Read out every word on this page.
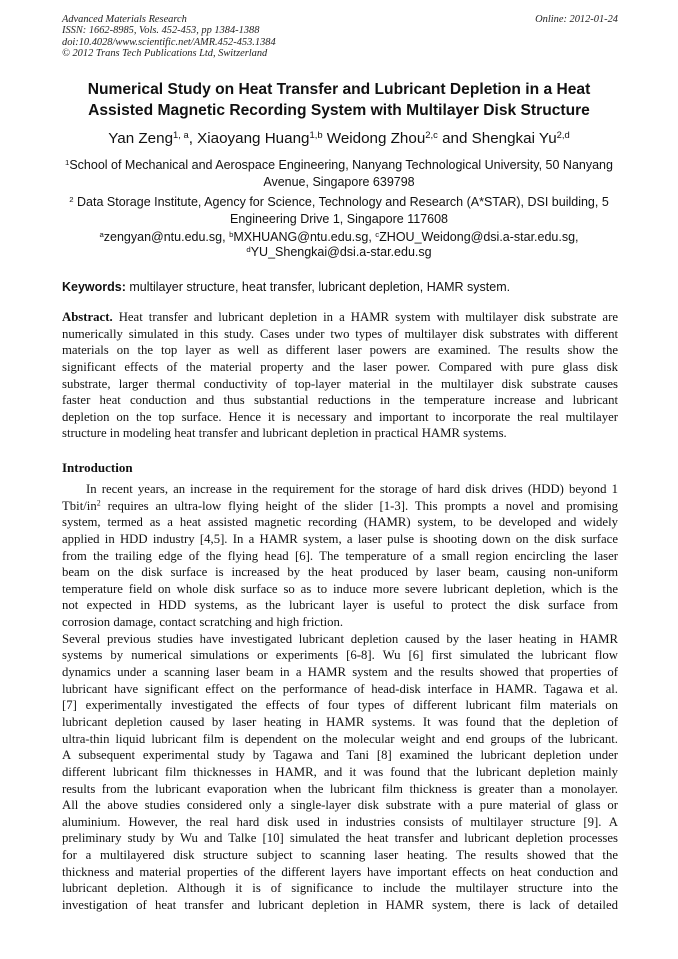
Advanced Materials Research
ISSN: 1662-8985, Vols. 452-453, pp 1384-1388
doi:10.4028/www.scientific.net/AMR.452-453.1384
© 2012 Trans Tech Publications Ltd, Switzerland
Online: 2012-01-24
Numerical Study on Heat Transfer and Lubricant Depletion in a Heat
Assisted Magnetic Recording System with Multilayer Disk Structure
Yan Zeng$^{1, a}$, Xiaoyang Huang$^{1,b}$ Weidong Zhou$^{2,c}$ and Shengkai Yu$^{2,d}$
$^1$School of Mechanical and Aerospace Engineering, Nanyang Technological University, 50 Nanyang
Avenue, Singapore 639798
$^2$ Data Storage Institute, Agency for Science, Technology and Research (A*STAR), DSI building, 5
Engineering Drive 1, Singapore 117608
$^a$zengyan@ntu.edu.sg, $^b$MXHUANG@ntu.edu.sg, $^c$ZHOU_Weidong@dsi.a-star.edu.sg,
$^d$YU_Shengkai@dsi.a-star.edu.sg
Keywords: multilayer structure, heat transfer, lubricant depletion, HAMR system.
Abstract. Heat transfer and lubricant depletion in a HAMR system with multilayer disk substrate are
numerically simulated in this study. Cases under two types of multilayer disk substrates with different
materials on the top layer as well as different laser powers are examined. The results show the
significant effects of the material property and the laser power. Compared with pure glass disk
substrate, larger thermal conductivity of top-layer material in the multilayer disk substrate causes
faster heat conduction and thus substantial reductions in the temperature increase and lubricant
depletion on the top surface. Hence it is necessary and important to incorporate the real multilayer
structure in modeling heat transfer and lubricant depletion in practical HAMR systems.
Introduction
In recent years, an increase in the requirement for the storage of hard disk drives (HDD) beyond 1
Tbit/$in^2$ requires an ultra-low flying height of the slider [1-3]. This prompts a novel and promising
system, termed as a heat assisted magnetic recording (HAMR) system, to be developed and widely
applied in HDD industry [4,5]. In a HAMR system, a laser pulse is shooting down on the disk surface
from the trailing edge of the flying head [6]. The temperature of a small region encircling the laser
beam on the disk surface is increased by the heat produced by laser beam, causing non-uniform
temperature field on whole disk surface so as to induce more severe lubricant depletion, which is the
not expected in HDD systems, as the lubricant layer is useful to protect the disk surface from
corrosion damage, contact scratching and high friction.
Several previous studies have investigated lubricant depletion caused by the laser heating in HAMR
systems by numerical simulations or experiments [6-8]. Wu [6] first simulated the lubricant flow
dynamics under a scanning laser beam in a HAMR system and the results showed that properties of
lubricant have significant effect on the performance of head-disk interface in HAMR. Tagawa et al.
[7] experimentally investigated the effects of four types of different lubricant film materials on
lubricant depletion caused by laser heating in HAMR systems. It was found that the depletion of
ultra-thin liquid lubricant film is dependent on the molecular weight and end groups of the lubricant.
A subsequent experimental study by Tagawa and Tani [8] examined the lubricant depletion under
different lubricant film thicknesses in HAMR, and it was found that the lubricant depletion mainly
results from the lubricant evaporation when the lubricant film thickness is greater than a monolayer.
All the above studies considered only a single-layer disk substrate with a pure material of glass or
aluminium. However, the real hard disk used in industries consists of multilayer structure [9]. A
preliminary study by Wu and Talke [10] simulated the heat transfer and lubricant depletion processes
for a multilayered disk structure subject to scanning laser heating. The results showed that the
thickness and material properties of the different layers have important effects on heat conduction and
lubricant depletion. Although it is of significance to include the multilayer structure into the
investigation of heat transfer and lubricant depletion in HAMR system, there is lack of detailed
